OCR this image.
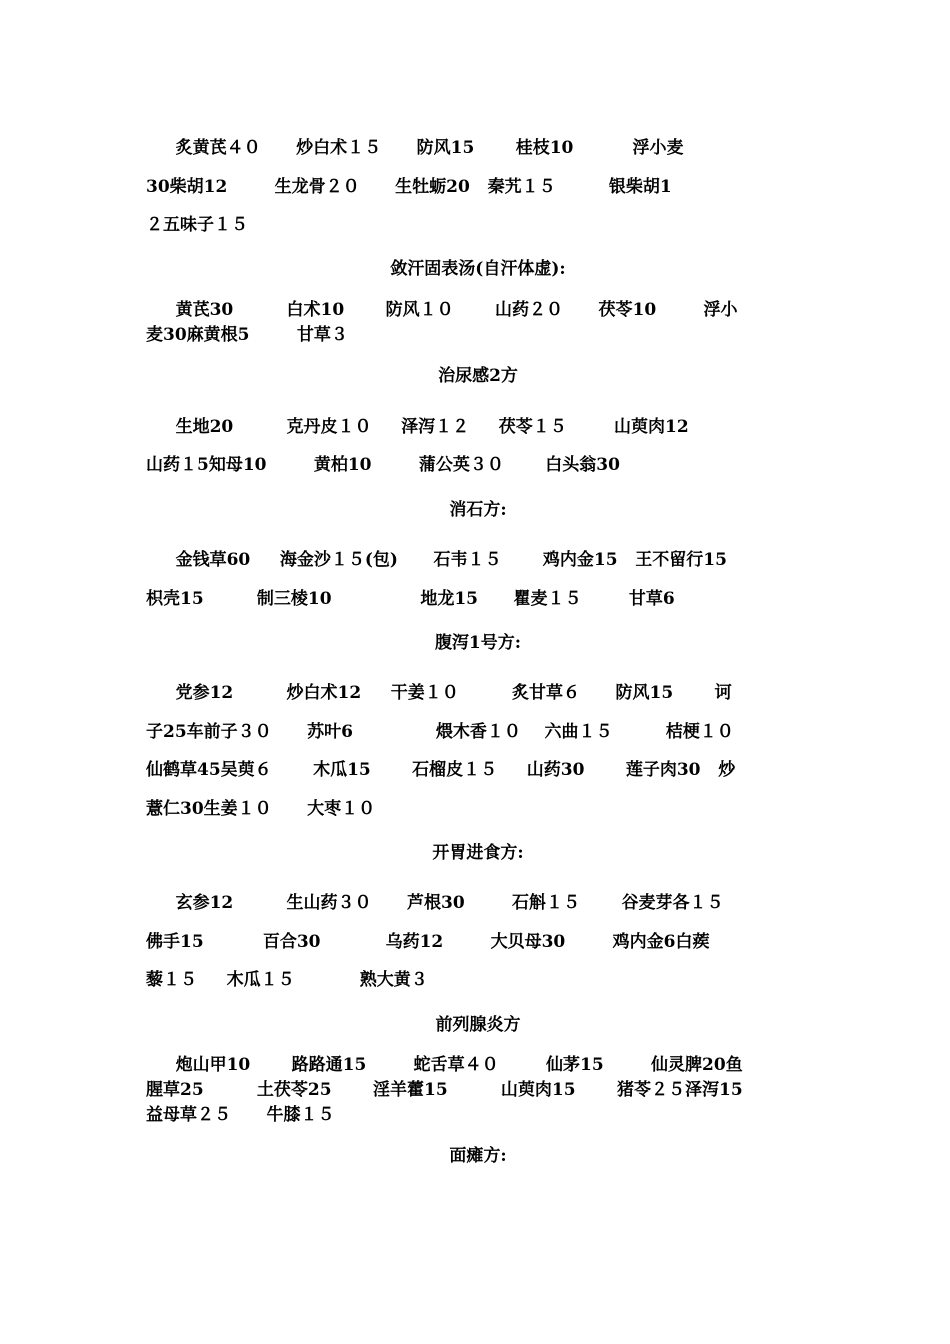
炙黄芪４０      炒白术１５      防风15       桂枝10          浮小麦
30柴胡12        生龙骨２０      生牡蛎20   秦艽１５         银柴胡1
２五味子１５
敛汗固表汤(自汗体虚):
黄芪30         白术10       防风１０       山药２０      茯苓10        浮小
麦30麻黄根5        甘草３
治尿感2方
生地20         克丹皮１０     泽泻１２     茯苓１５        山萸肉12
山药１5知母10        黄柏10        蒲公英３０       白头翁30
消石方:
金钱草60     海金沙１５(包)      石韦１５       鸡内金15   王不留行15
枳壳15         制三棱10               地龙15      瞿麦１５        甘草6
腹泻1号方:
党参12         炒白术12     干姜１０         炙甘草６      防风15       诃
子25车前子３０      苏叶6              煨木香１０    六曲１５         桔梗１０
仙鹤草45吴萸６       木瓜15       石榴皮１５     山药30       莲子肉30   炒
薏仁30生姜１０      大枣１０
开胃进食方:
玄参12         生山药３０      芦根30        石斛１５       谷麦芽各１５
佛手15          百合30           乌药12        大贝母30        鸡内金6白蒺
藜１５     木瓜１５           熟大黄３
前列腺炎方
炮山甲10       路路通15        蛇舌草４０        仙茅15        仙灵脾20鱼
腥草25         土茯苓25       淫羊藿15         山萸肉15       猪苓２５泽泻15
益母草２５      牛膝１５
面瘫方:
